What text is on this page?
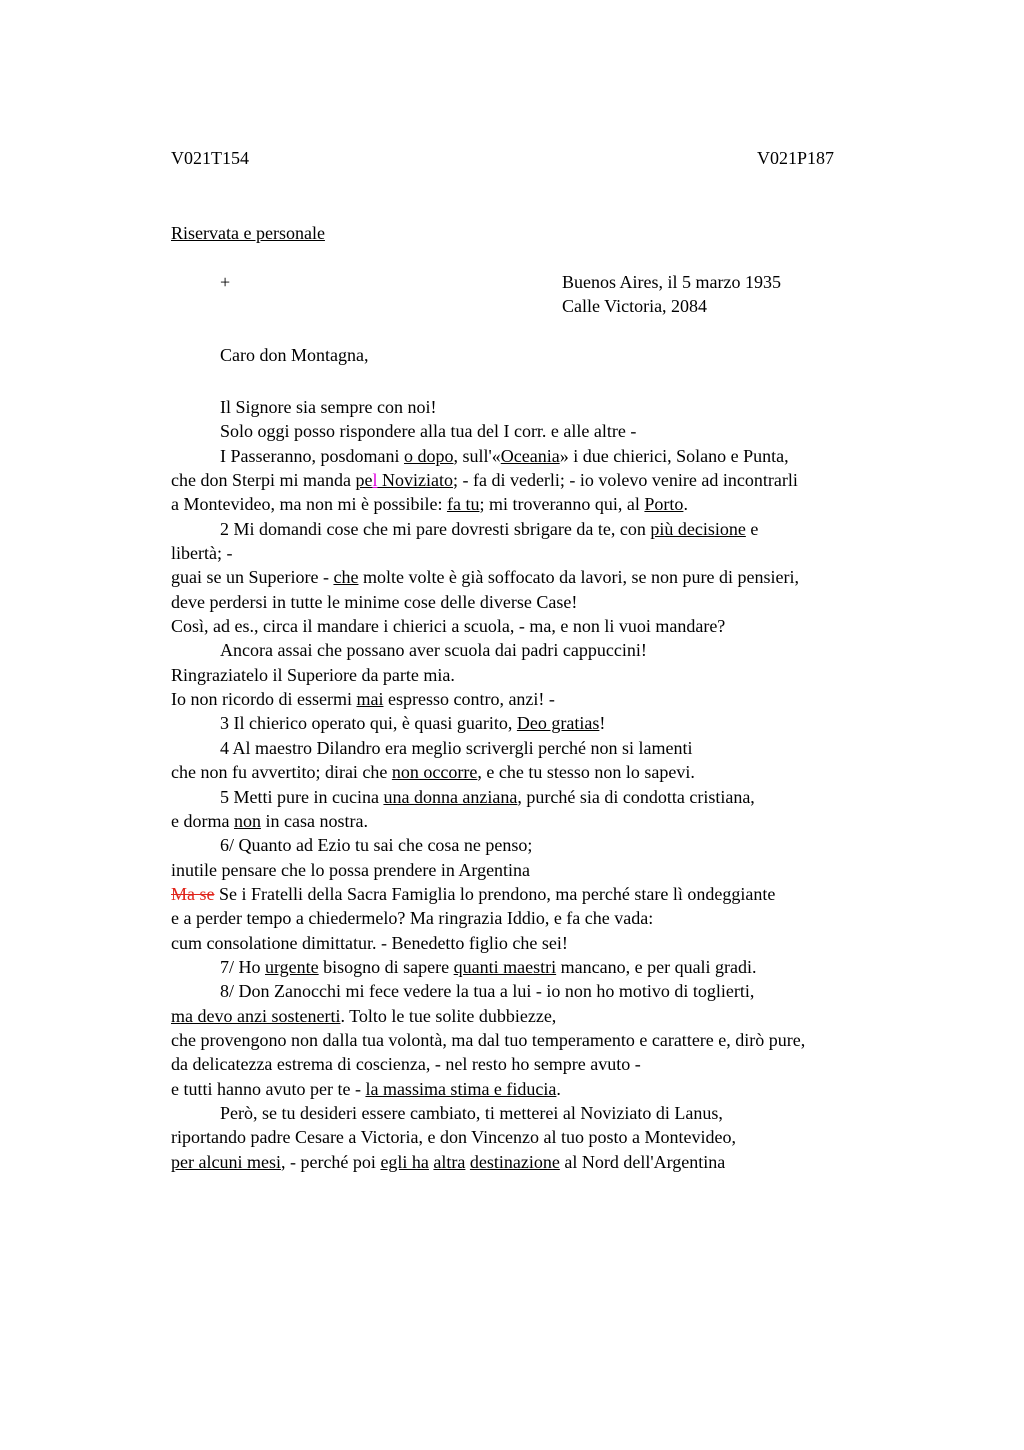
V021T154	V021P187
Riservata e personale
+	Buenos Aires, il 5 marzo 1935
Calle Victoria, 2084
Caro don Montagna,
Il Signore sia sempre con noi!
Solo oggi posso rispondere alla tua del I corr. e alle altre -
I Passeranno, posdomani o dopo, sull'«Oceania» i due chierici, Solano e Punta,
che don Sterpi mi manda pel Noviziato; - fa di vederli; - io volevo venire ad incontrarli
a Montevideo, ma non mi è possibile: fa tu; mi troveranno qui, al Porto.
2 Mi domandi cose che mi pare dovresti sbrigare da te, con più decisione e
libertà; -
guai se un Superiore - che molte volte è già soffocato da lavori, se non pure di pensieri,
deve perdersi in tutte le minime cose delle diverse Case!
Così, ad es., circa il mandare i chierici a scuola, - ma, e non li vuoi mandare?
Ancora assai che possano aver scuola dai padri cappuccini!
Ringraziatelo il Superiore da parte mia.
Io non ricordo di essermi mai espresso contro, anzi! -
3 Il chierico operato qui, è quasi guarito, Deo gratias!
4 Al maestro Dilandro era meglio scrivergli perché non si lamenti
che non fu avvertito; dirai che non occorre, e che tu stesso non lo sapevi.
5 Metti pure in cucina una donna anziana, purché sia di condotta cristiana,
e dorma non in casa nostra.
6/ Quanto ad Ezio tu sai che cosa ne penso;
inutile pensare che lo possa prendere in Argentina
Ma se Se i Fratelli della Sacra Famiglia lo prendono, ma perché stare lì ondeggiante
e a perder tempo a chiedermelo? Ma ringrazia Iddio, e fa che vada:
cum consolatione dimittatur. - Benedetto figlio che sei!
7/ Ho urgente bisogno di sapere quanti maestri mancano, e per quali gradi.
8/ Don Zanocchi mi fece vedere la tua a lui - io non ho motivo di toglierti,
ma devo anzi sostenerti. Tolto le tue solite dubbiezze,
che provengono non dalla tua volontà, ma dal tuo temperamento e carattere e, dirò pure,
da delicatezza estrema di coscienza, - nel resto ho sempre avuto -
e tutti hanno avuto per te - la massima stima e fiducia.
Però, se tu desideri essere cambiato, ti metterei al Noviziato di Lanus,
riportando padre Cesare a Victoria, e don Vincenzo al tuo posto a Montevideo,
per alcuni mesi, - perché poi egli ha altra destinazione al Nord dell'Argentina
